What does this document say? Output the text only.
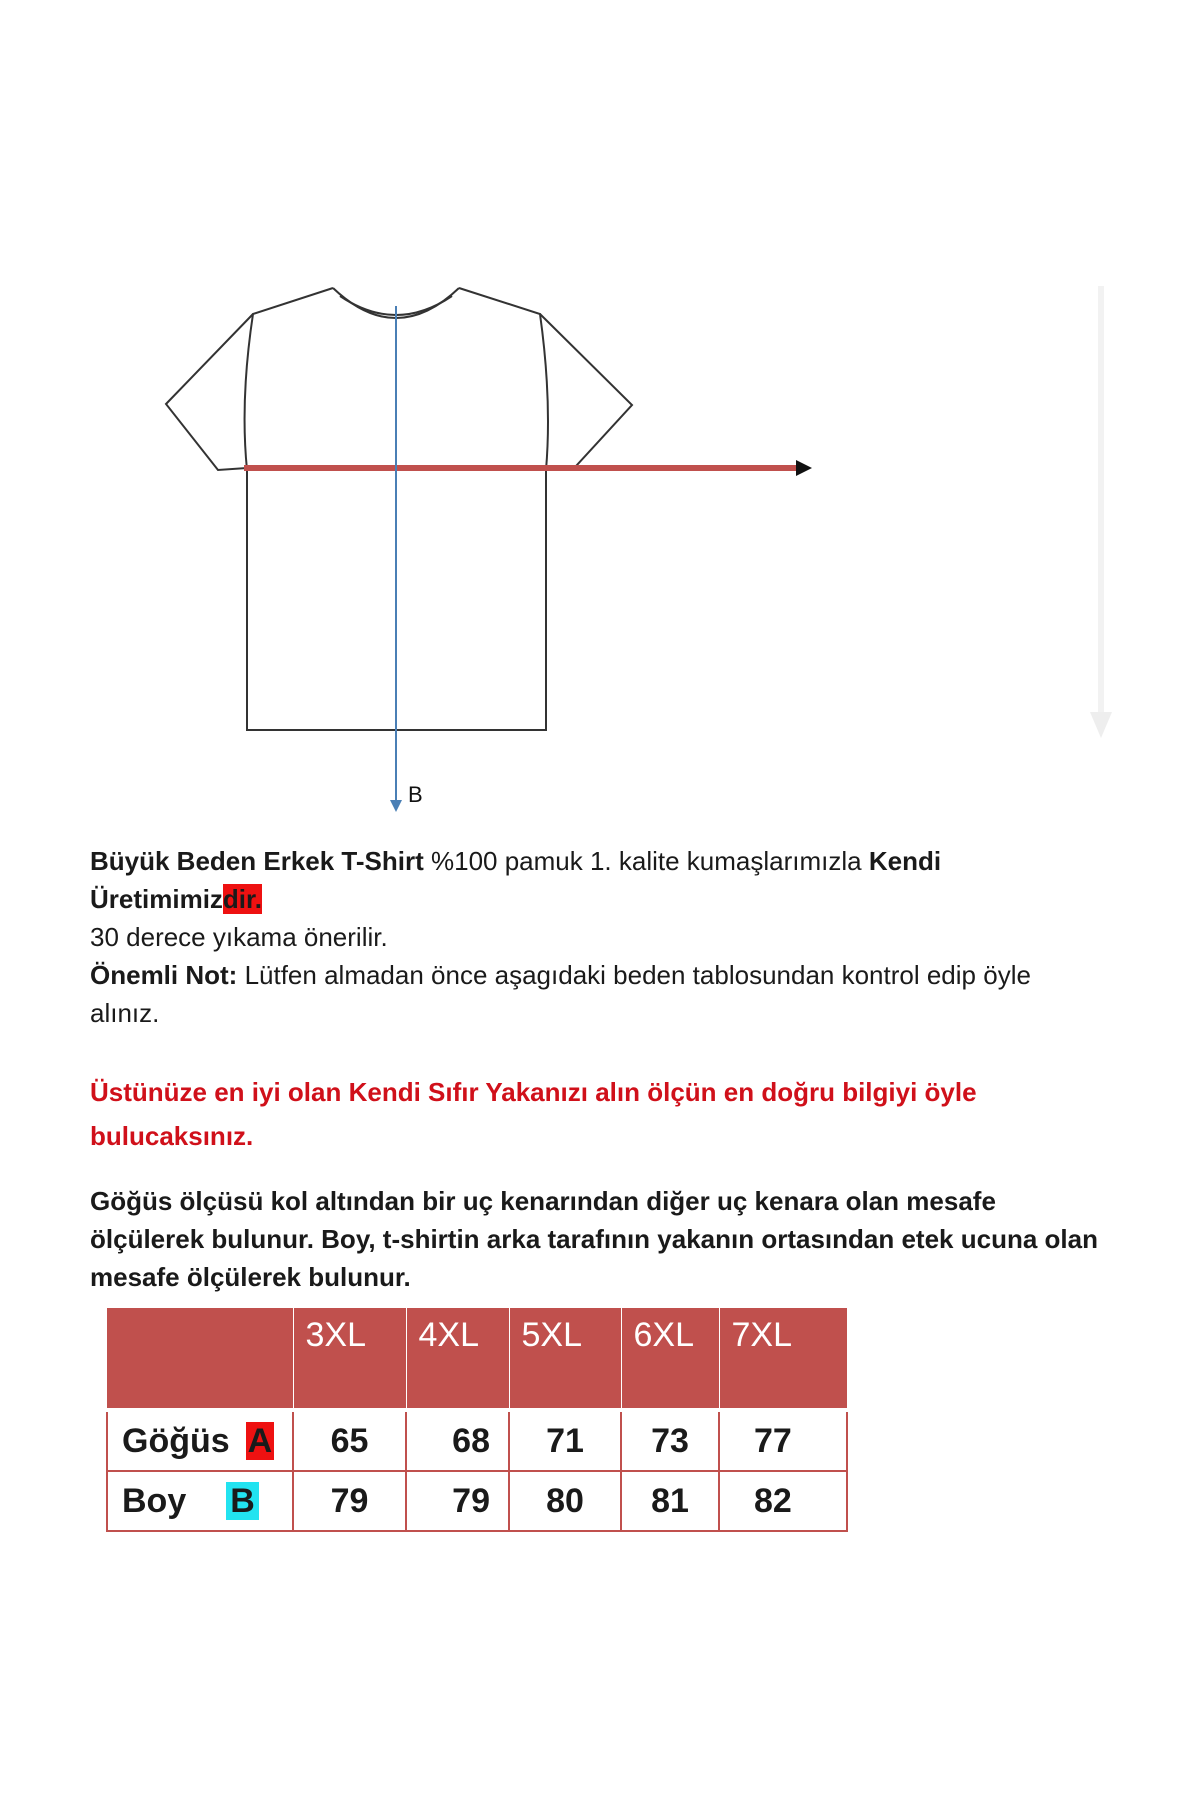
B
Büyük Beden Erkek T-Shirt %100 pamuk 1. kalite kumaşlarımızla Kendi Üretimimizdir.
30 derece yıkama önerilir.
Önemli Not: Lütfen almadan önce aşagıdaki beden tablosundan kontrol edip öyle alınız.
Üstünüze en iyi olan Kendi Sıfır Yakanızı alın ölçün en doğru bilgiyi öyle bulucaksınız.
Göğüs ölçüsü kol altından bir uç kenarından diğer uç kenara olan mesafe ölçülerek bulunur. Boy, t-shirtin arka tarafının yakanın ortasından etek ucuna olan mesafe ölçülerek bulunur.
	3XL	4XL	5XL	6XL	7XL
Göğüs A	65	68	71	73	77
Boy B	79	79	80	81	82
